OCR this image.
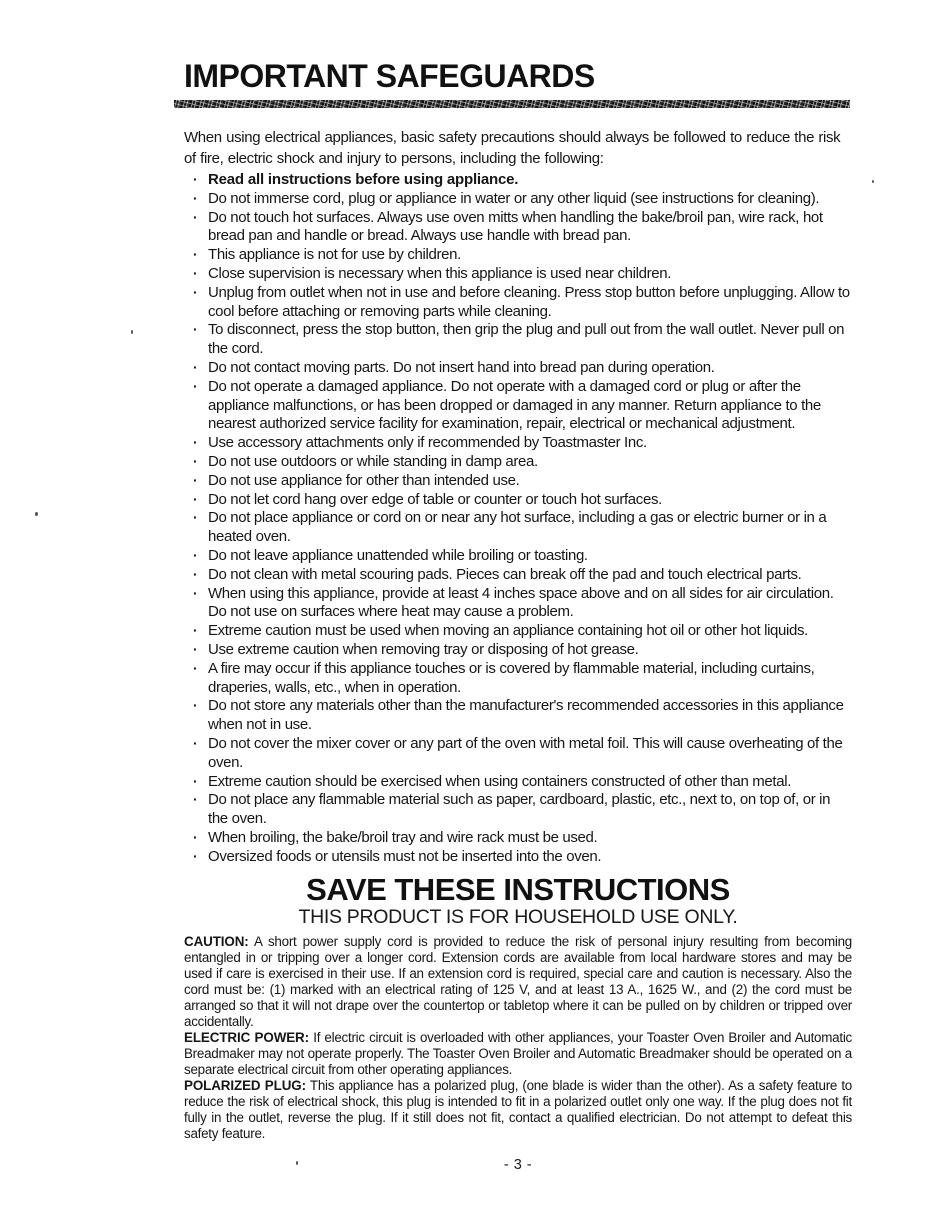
IMPORTANT SAFEGUARDS

When using electrical appliances, basic safety precautions should always be followed to reduce the risk of fire, electric shock and injury to persons, including the following:

· Read all instructions before using appliance.
· Do not immerse cord, plug or appliance in water or any other liquid (see instructions for cleaning).
· Do not touch hot surfaces. Always use oven mitts when handling the bake/broil pan, wire rack, hot bread pan and handle or bread. Always use handle with bread pan.
· This appliance is not for use by children.
· Close supervision is necessary when this appliance is used near children.
· Unplug from outlet when not in use and before cleaning. Press stop button before unplugging. Allow to cool before attaching or removing parts while cleaning.
· To disconnect, press the stop button, then grip the plug and pull out from the wall outlet. Never pull on the cord.
· Do not contact moving parts. Do not insert hand into bread pan during operation.
· Do not operate a damaged appliance. Do not operate with a damaged cord or plug or after the appliance malfunctions, or has been dropped or damaged in any manner. Return appliance to the nearest authorized service facility for examination, repair, electrical or mechanical adjustment.
· Use accessory attachments only if recommended by Toastmaster Inc.
· Do not use outdoors or while standing in damp area.
· Do not use appliance for other than intended use.
· Do not let cord hang over edge of table or counter or touch hot surfaces.
· Do not place appliance or cord on or near any hot surface, including a gas or electric burner or in a heated oven.
· Do not leave appliance unattended while broiling or toasting.
· Do not clean with metal scouring pads. Pieces can break off the pad and touch electrical parts.
· When using this appliance, provide at least 4 inches space above and on all sides for air circulation. Do not use on surfaces where heat may cause a problem.
· Extreme caution must be used when moving an appliance containing hot oil or other hot liquids.
· Use extreme caution when removing tray or disposing of hot grease.
· A fire may occur if this appliance touches or is covered by flammable material, including curtains, draperies, walls, etc., when in operation.
· Do not store any materials other than the manufacturer's recommended accessories in this appliance when not in use.
· Do not cover the mixer cover or any part of the oven with metal foil. This will cause overheating of the oven.
· Extreme caution should be exercised when using containers constructed of other than metal.
· Do not place any flammable material such as paper, cardboard, plastic, etc., next to, on top of, or in the oven.
· When broiling, the bake/broil tray and wire rack must be used.
· Oversized foods or utensils must not be inserted into the oven.
SAVE THESE INSTRUCTIONS
THIS PRODUCT IS FOR HOUSEHOLD USE ONLY.

CAUTION: A short power supply cord is provided to reduce the risk of personal injury resulting from becoming entangled in or tripping over a longer cord. Extension cords are available from local hardware stores and may be used if care is exercised in their use. If an extension cord is required, special care and caution is necessary. Also the cord must be: (1) marked with an electrical rating of 125 V, and at least 13 A., 1625 W., and (2) the cord must be arranged so that it will not drape over the countertop or tabletop where it can be pulled on by children or tripped over accidentally.

ELECTRIC POWER: If electric circuit is overloaded with other appliances, your Toaster Oven Broiler and Automatic Breadmaker may not operate properly. The Toaster Oven Broiler and Automatic Breadmaker should be operated on a separate electrical circuit from other operating appliances.

POLARIZED PLUG: This appliance has a polarized plug, (one blade is wider than the other). As a safety feature to reduce the risk of electrical shock, this plug is intended to fit in a polarized outlet only one way. If the plug does not fit fully in the outlet, reverse the plug. If it still does not fit, contact a qualified electrician. Do not attempt to defeat this safety feature.

- 3 -
